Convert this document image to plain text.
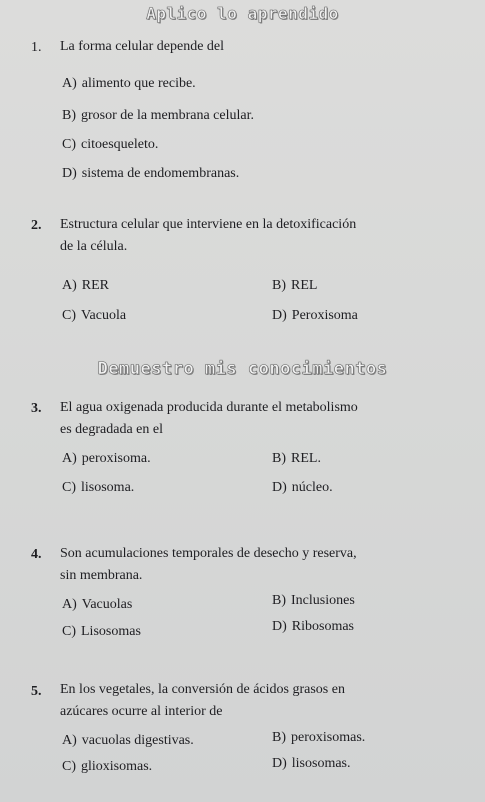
Aplico lo aprendido
1. La forma celular depende del
A) alimento que recibe.
B) grosor de la membrana celular.
C) citoesqueleto.
D) sistema de endomembranas.
2. Estructura celular que interviene en la detoxificación
de la célula.
A) RER	B) REL
C) Vacuola	D) Peroxisoma
Demuestro mis conocimientos
3. El agua oxigenada producida durante el metabolismo
es degradada en el
A) peroxisoma.	B) REL.
C) lisosoma.	D) núcleo.
4. Son acumulaciones temporales de desecho y reserva,
sin membrana.
A) Vacuolas	B) Inclusiones
C) Lisosomas	D) Ribosomas
5. En los vegetales, la conversión de ácidos grasos en
azúcares ocurre al interior de
A) vacuolas digestivas.	B) peroxisomas.
C) glioxisomas.	D) lisosomas.
